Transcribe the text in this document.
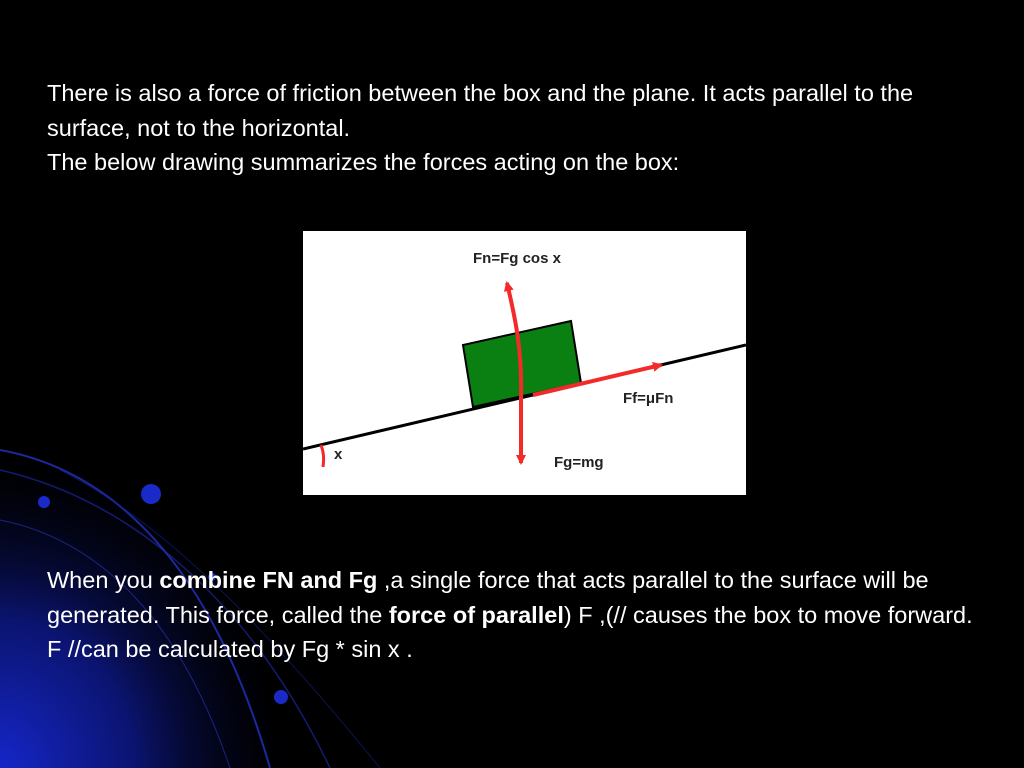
There is also a force of friction between the box and the plane. It acts parallel to the surface, not to the horizontal.

The below drawing summarizes the forces acting on the box:

Fn=Fg cos x
Ff=μFn
Fg=mg
x
When you combine FN and Fg ,a single force that acts parallel to the surface will be generated. This force, called the force of parallel) F ,(// causes the box to move forward. F //can be calculated by Fg * sin x .
